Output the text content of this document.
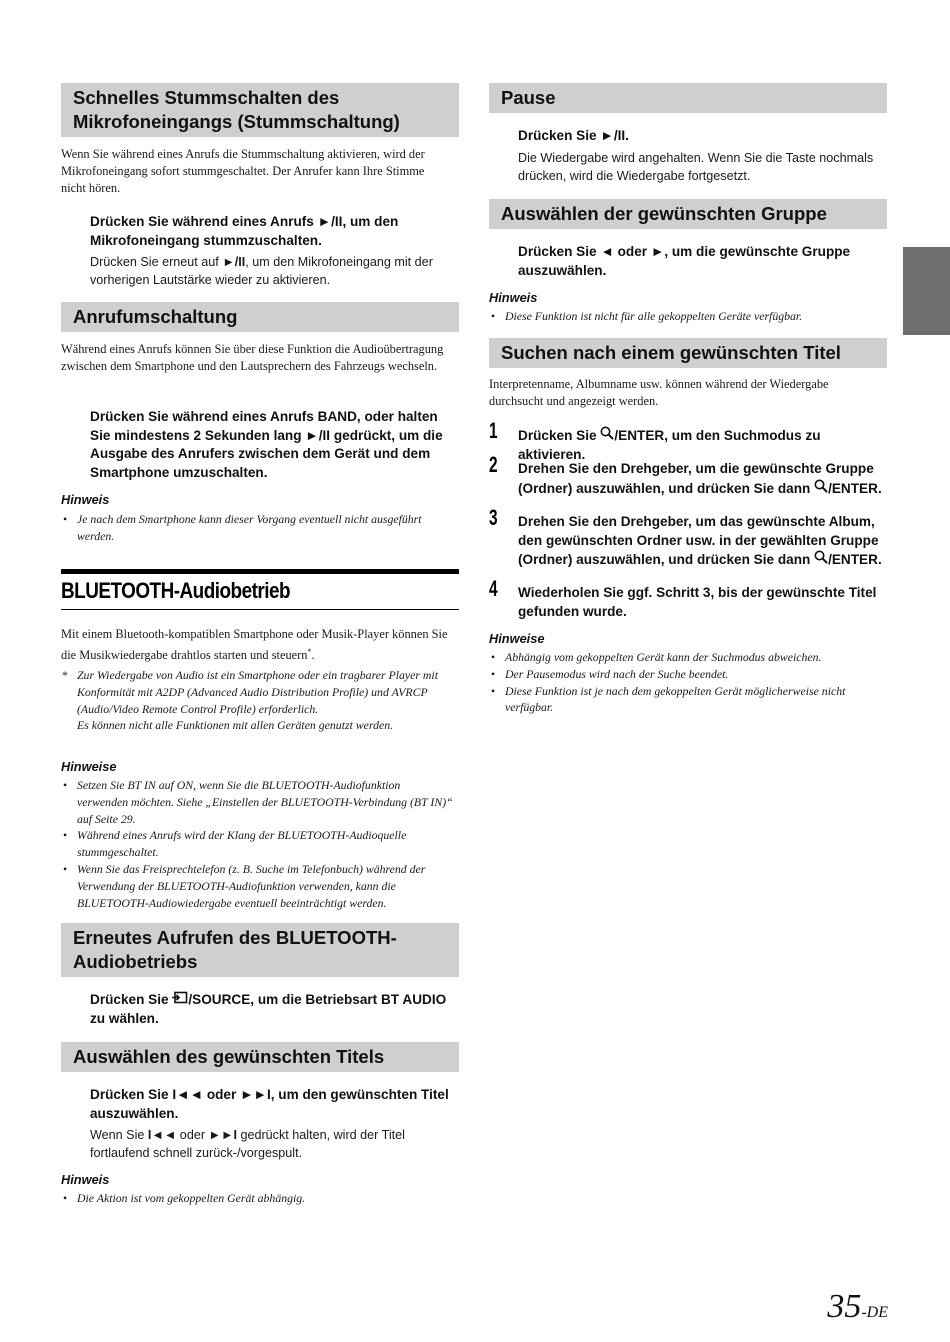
Schnelles Stummschalten des Mikrofoneingangs (Stummschaltung)
Wenn Sie während eines Anrufs die Stummschaltung aktivieren, wird der Mikrofoneingang sofort stummgeschaltet. Der Anrufer kann Ihre Stimme nicht hören.
Drücken Sie während eines Anrufs ►/II, um den Mikrofoneingang stummzuschalten.
Drücken Sie erneut auf ►/II, um den Mikrofoneingang mit der vorherigen Lautstärke wieder zu aktivieren.
Anrufumschaltung
Während eines Anrufs können Sie über diese Funktion die Audioübertragung zwischen dem Smartphone und den Lautsprechern des Fahrzeugs wechseln.
Drücken Sie während eines Anrufs BAND, oder halten Sie mindestens 2 Sekunden lang ►/II gedrückt, um die Ausgabe des Anrufers zwischen dem Gerät und dem Smartphone umzuschalten.
Hinweis
• Je nach dem Smartphone kann dieser Vorgang eventuell nicht ausgeführt werden.
BLUETOOTH-Audiobetrieb
Mit einem Bluetooth-kompatiblen Smartphone oder Musik-Player können Sie die Musikwiedergabe drahtlos starten und steuern*.
* Zur Wiedergabe von Audio ist ein Smartphone oder ein tragbarer Player mit Konformität mit A2DP (Advanced Audio Distribution Profile) und AVRCP (Audio/Video Remote Control Profile) erforderlich.
Es können nicht alle Funktionen mit allen Geräten genutzt werden.
Hinweise
• Setzen Sie BT IN auf ON, wenn Sie die BLUETOOTH-Audiofunktion verwenden möchten. Siehe „Einstellen der BLUETOOTH-Verbindung (BT IN)“ auf Seite 29.
• Während eines Anrufs wird der Klang der BLUETOOTH-Audioquelle stummgeschaltet.
• Wenn Sie das Freisprechtelefon (z. B. Suche im Telefonbuch) während der Verwendung der BLUETOOTH-Audiofunktion verwenden, kann die BLUETOOTH-Audiowiedergabe eventuell beeinträchtigt werden.
Erneutes Aufrufen des BLUETOOTH-Audiobetriebs
Drücken Sie /SOURCE, um die Betriebsart BT AUDIO zu wählen.
Auswählen des gewünschten Titels
Drücken Sie I◄◄ oder ►►I, um den gewünschten Titel auszuwählen.
Wenn Sie I◄◄ oder ►►I gedrückt halten, wird der Titel fortlaufend schnell zurück-/vorgespult.
Hinweis
• Die Aktion ist vom gekoppelten Gerät abhängig.
Pause
Drücken Sie ►/II.
Die Wiedergabe wird angehalten. Wenn Sie die Taste nochmals drücken, wird die Wiedergabe fortgesetzt.
Auswählen der gewünschten Gruppe
Drücken Sie ◄ oder ►, um die gewünschte Gruppe auszuwählen.
Hinweis
• Diese Funktion ist nicht für alle gekoppelten Geräte verfügbar.
Suchen nach einem gewünschten Titel
Interpretenname, Albumname usw. können während der Wiedergabe durchsucht und angezeigt werden.
1 Drücken Sie /ENTER, um den Suchmodus zu aktivieren.
2 Drehen Sie den Drehgeber, um die gewünschte Gruppe (Ordner) auszuwählen, und drücken Sie dann /ENTER.
3 Drehen Sie den Drehgeber, um das gewünschte Album, den gewünschten Ordner usw. in der gewählten Gruppe (Ordner) auszuwählen, und drücken Sie dann /ENTER.
4 Wiederholen Sie ggf. Schritt 3, bis der gewünschte Titel gefunden wurde.
Hinweise
• Abhängig vom gekoppelten Gerät kann der Suchmodus abweichen.
• Der Pausemodus wird nach der Suche beendet.
• Diese Funktion ist je nach dem gekoppelten Gerät möglicherweise nicht verfügbar.
35-DE
